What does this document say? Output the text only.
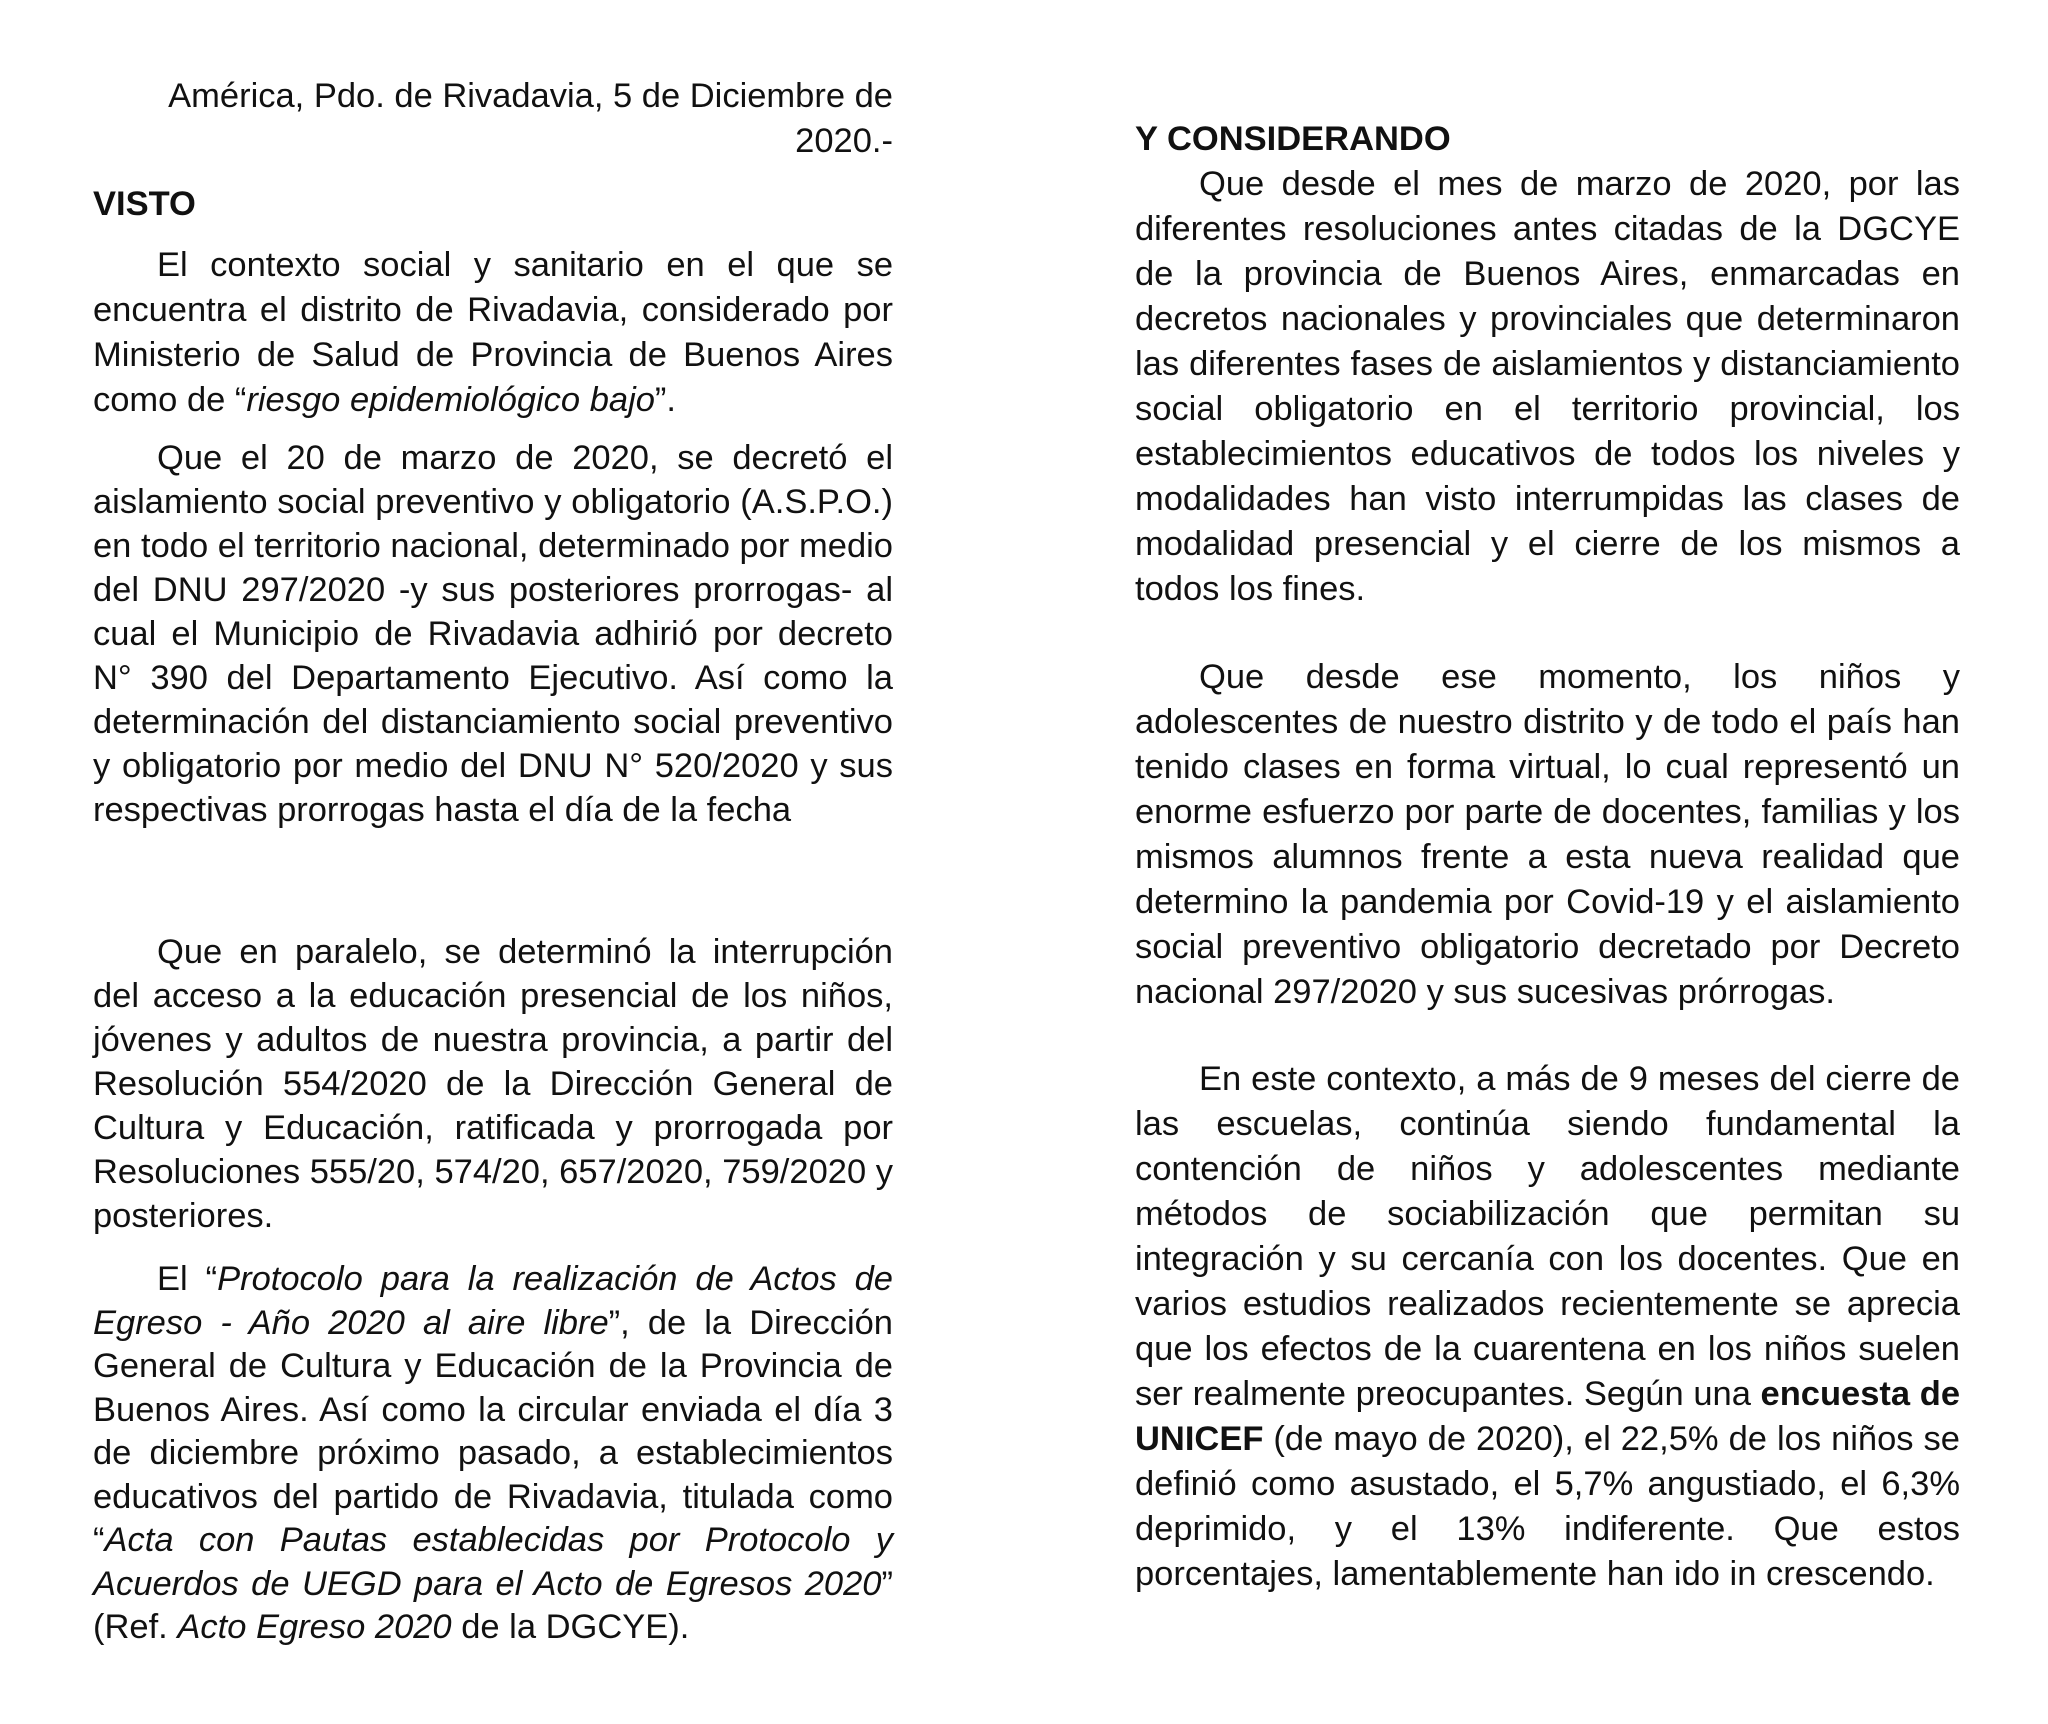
América, Pdo. de Rivadavia, 5 de Diciembre de 2020.-

VISTO

El contexto social y sanitario en el que se encuentra el distrito de Rivadavia, considerado por Ministerio de Salud de Provincia de Buenos Aires como de “riesgo epidemiológico bajo”.

Que el 20 de marzo de 2020, se decretó el aislamiento social preventivo y obligatorio (A.S.P.O.) en todo el territorio nacional, determinado por medio del DNU 297/2020 -y sus posteriores prorrogas- al cual el Municipio de Rivadavia adhirió por decreto N° 390 del Departamento Ejecutivo. Así como la determinación del distanciamiento social preventivo y obligatorio por medio del DNU N° 520/2020 y sus respectivas prorrogas hasta el día de la fecha

Que en paralelo, se determinó la interrupción del acceso a la educación presencial de los niños, jóvenes y adultos de nuestra provincia, a partir del Resolución 554/2020 de la Dirección General de Cultura y Educación, ratificada y prorrogada por Resoluciones 555/20, 574/20, 657/2020, 759/2020 y posteriores.

El “Protocolo para la realización de Actos de Egreso - Año 2020 al aire libre”, de la Dirección General de Cultura y Educación de la Provincia de Buenos Aires. Así como la circular enviada el día 3 de diciembre próximo pasado, a establecimientos educativos del partido de Rivadavia, titulada como “Acta con Pautas establecidas por Protocolo y Acuerdos de UEGD para el Acto de Egresos 2020” (Ref. Acto Egreso 2020 de la DGCYE).

Y CONSIDERANDO

Que desde el mes de marzo de 2020, por las diferentes resoluciones antes citadas de la DGCYE de la provincia de Buenos Aires, enmarcadas en decretos nacionales y provinciales que determinaron las diferentes fases de aislamientos y distanciamiento social obligatorio en el territorio provincial, los establecimientos educativos de todos los niveles y modalidades han visto interrumpidas las clases de modalidad presencial y el cierre de los mismos a todos los fines.

Que desde ese momento, los niños y adolescentes de nuestro distrito y de todo el país han tenido clases en forma virtual, lo cual representó un enorme esfuerzo por parte de docentes, familias y los mismos alumnos frente a esta nueva realidad que determino la pandemia por Covid-19 y el aislamiento social preventivo obligatorio decretado por Decreto nacional 297/2020 y sus sucesivas prórrogas.

En este contexto, a más de 9 meses del cierre de las escuelas, continúa siendo fundamental la contención de niños y adolescentes mediante métodos de sociabilización que permitan su integración y su cercanía con los docentes. Que en varios estudios realizados recientemente se aprecia que los efectos de la cuarentena en los niños suelen ser realmente preocupantes. Según una encuesta de UNICEF (de mayo de 2020), el 22,5% de los niños se definió como asustado, el 5,7% angustiado, el 6,3% deprimido, y el 13% indiferente. Que estos porcentajes, lamentablemente han ido in crescendo.
